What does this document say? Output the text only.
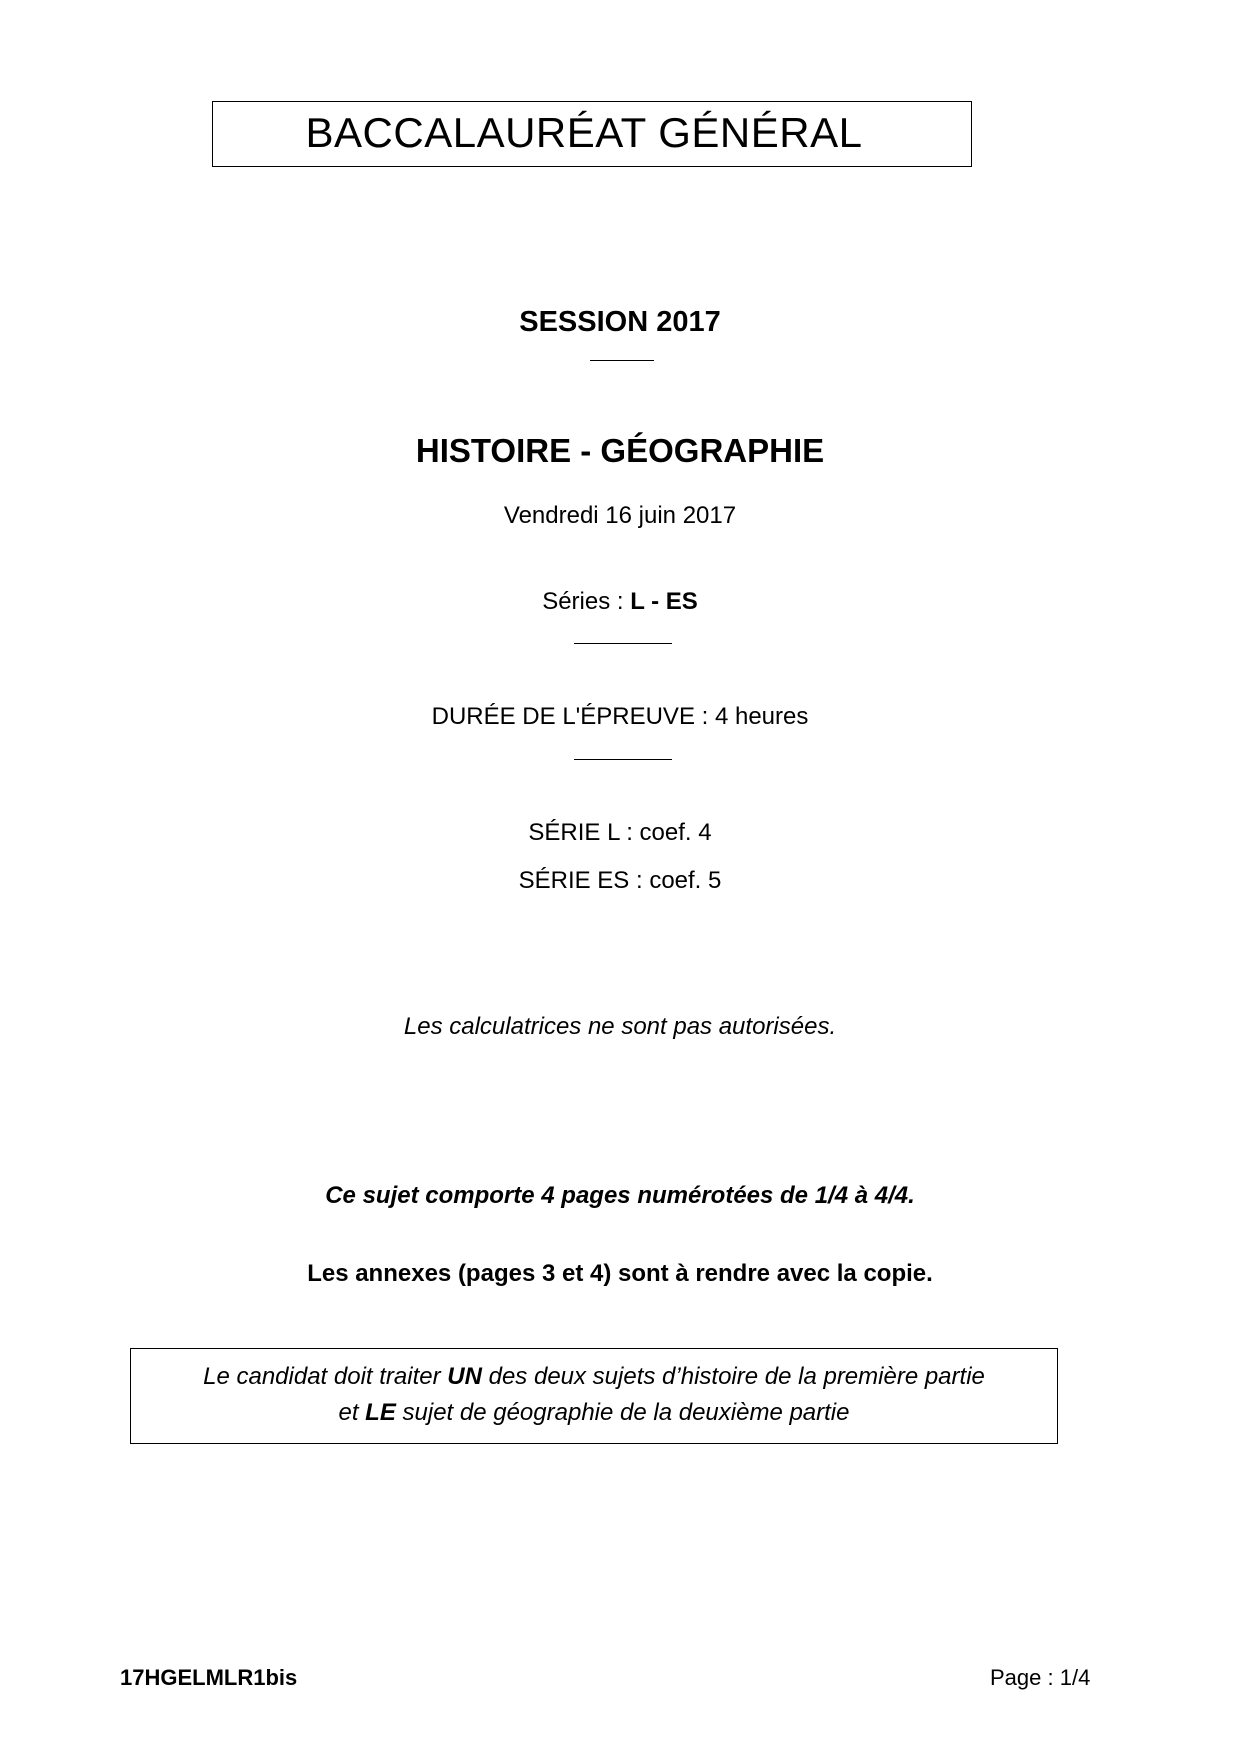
BACCALAURÉAT GÉNÉRAL
SESSION 2017
HISTOIRE - GÉOGRAPHIE
Vendredi 16 juin 2017
Séries : L - ES
DURÉE DE L'ÉPREUVE : 4 heures
SÉRIE L : coef. 4
SÉRIE ES : coef. 5
Les calculatrices ne sont pas autorisées.
Ce sujet comporte 4 pages numérotées de 1/4 à 4/4.
Les annexes (pages 3 et 4) sont à rendre avec la copie.
Le candidat doit traiter UN des deux sujets d’histoire de la première partie
et LE sujet de géographie de la deuxième partie
17HGELMLR1bis	Page : 1/4
